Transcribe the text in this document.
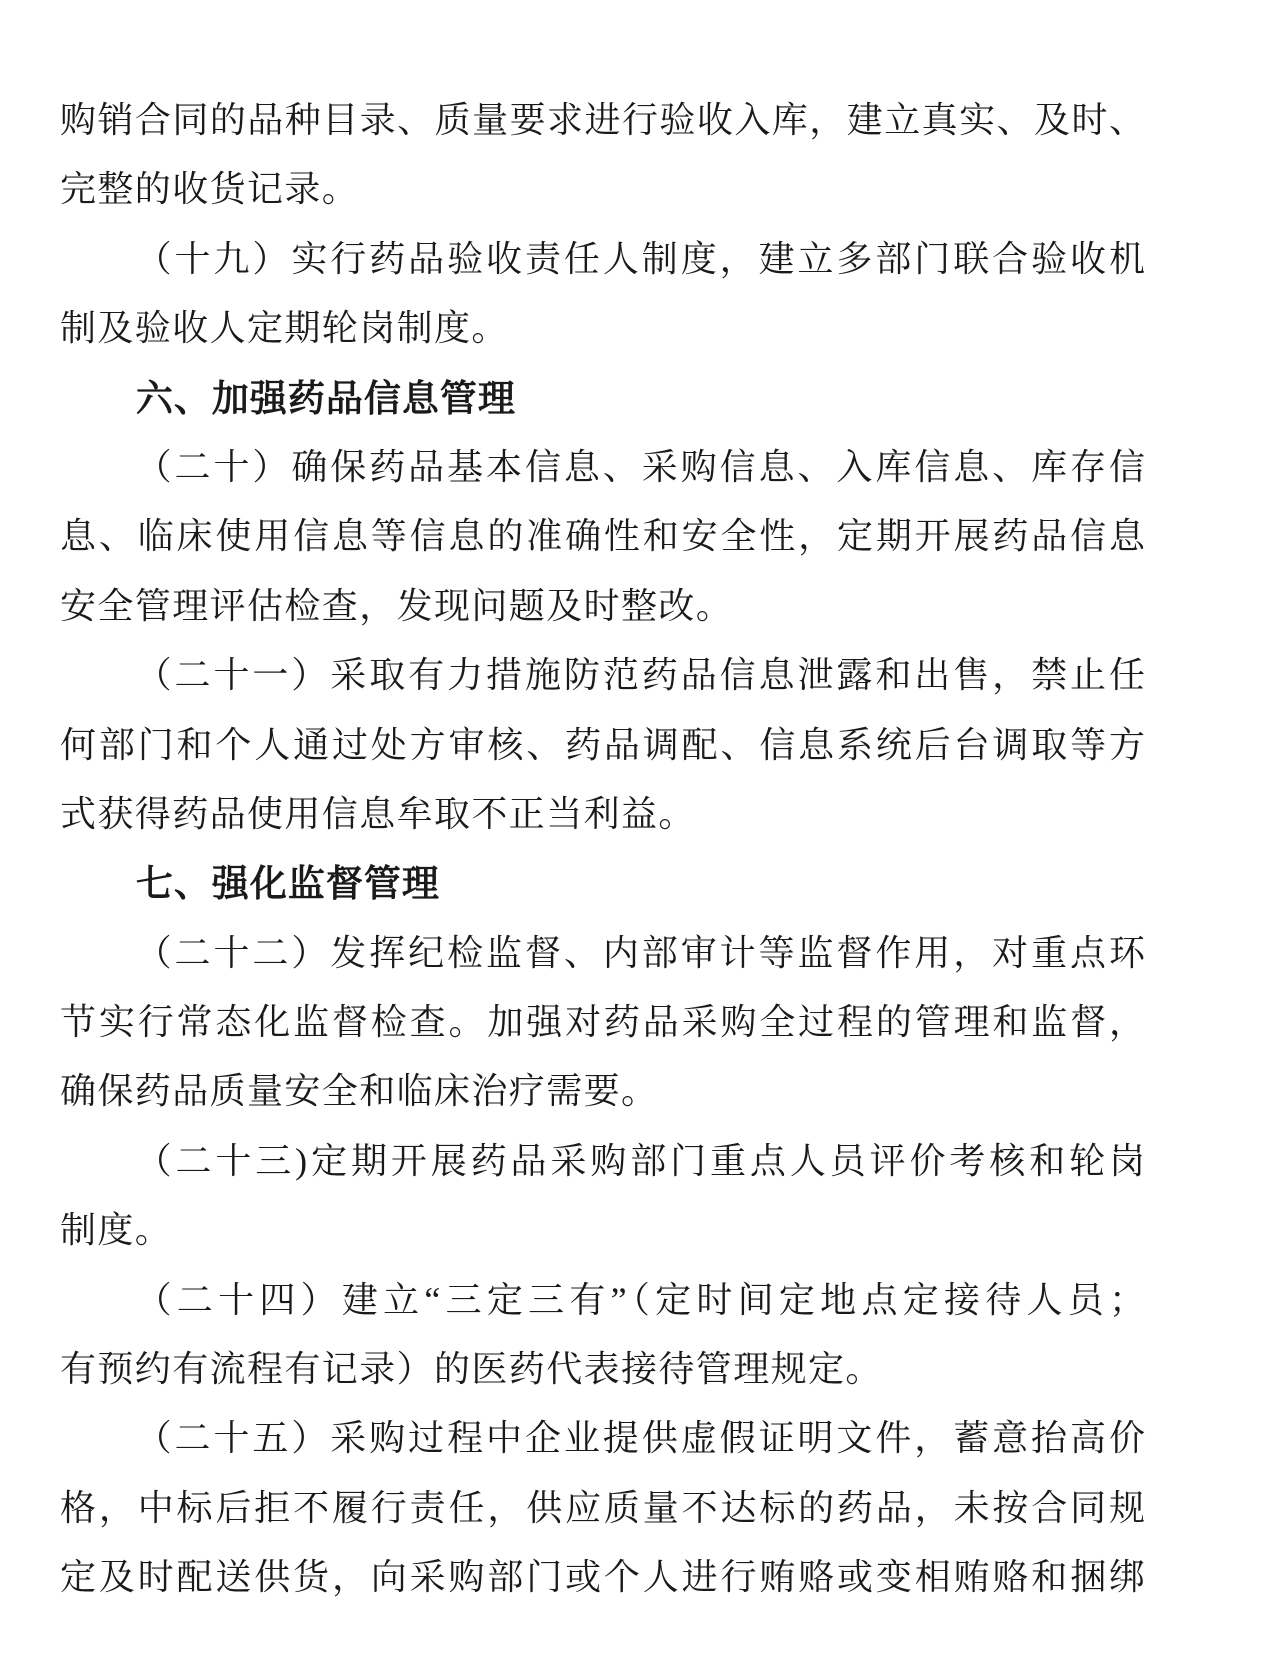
购销合同的品种目录、质量要求进行验收入库，建立真实、及时、
完整的收货记录。
（十九）实行药品验收责任人制度，建立多部门联合验收机
制及验收人定期轮岗制度。
六、加强药品信息管理
（二十）确保药品基本信息、采购信息、入库信息、库存信
息、临床使用信息等信息的准确性和安全性，定期开展药品信息
安全管理评估检查，发现问题及时整改。
（二十一）采取有力措施防范药品信息泄露和出售，禁止任
何部门和个人通过处方审核、药品调配、信息系统后台调取等方
式获得药品使用信息牟取不正当利益。
七、强化监督管理
（二十二）发挥纪检监督、内部审计等监督作用，对重点环
节实行常态化监督检查。加强对药品采购全过程的管理和监督，
确保药品质量安全和临床治疗需要。
（二十三)定期开展药品采购部门重点人员评价考核和轮岗
制度。
（二十四）建立“三定三有”（定时间定地点定接待人员；
有预约有流程有记录）的医药代表接待管理规定。
（二十五）采购过程中企业提供虚假证明文件，蓄意抬高价
格，中标后拒不履行责任，供应质量不达标的药品，未按合同规
定及时配送供货，向采购部门或个人进行贿赂或变相贿赂和捆绑
